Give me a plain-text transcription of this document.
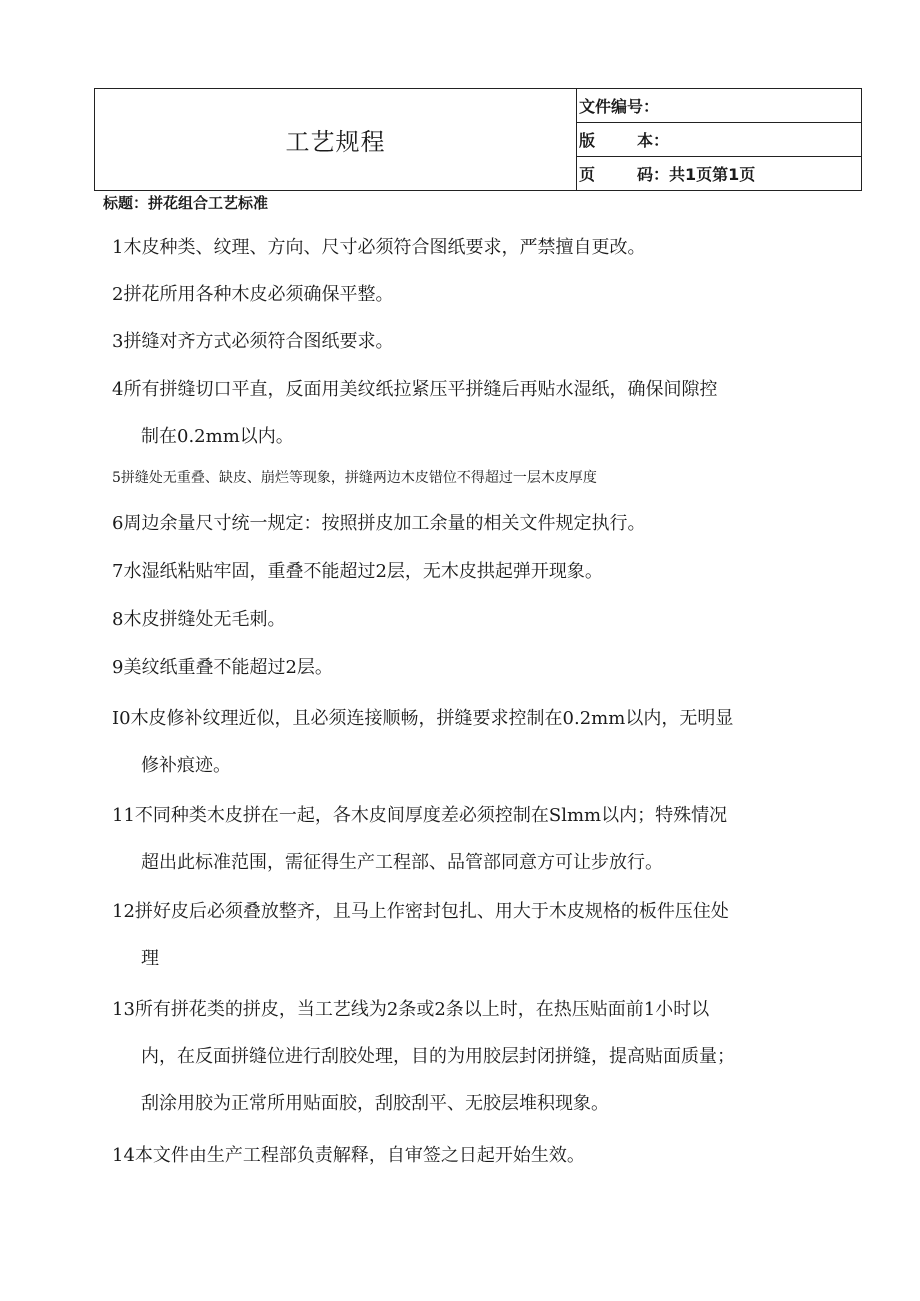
工艺规程	文件编号：
版	本：
页	码：共1页第1页
标题：拼花组合工艺标准
1木皮种类、纹理、方向、尺寸必须符合图纸要求，严禁擅自更改。
2拼花所用各种木皮必须确保平整。
3拼缝对齐方式必须符合图纸要求。
4所有拼缝切口平直，反面用美纹纸拉紧压平拼缝后再贴水湿纸，确保间隙控
制在0.2mm以内。
5拼缝处无重叠、缺皮、崩烂等现象，拼缝两边木皮错位不得超过一层木皮厚度
6周边余量尺寸统一规定：按照拼皮加工余量的相关文件规定执行。
7水湿纸粘贴牢固，重叠不能超过2层，无木皮拱起弹开现象。
8木皮拼缝处无毛刺。
9美纹纸重叠不能超过2层。
I0木皮修补纹理近似，且必须连接顺畅，拼缝要求控制在0.2mm以内，无明显
修补痕迹。
11不同种类木皮拼在一起，各木皮间厚度差必须控制在Slmm以内；特殊情况
超出此标准范围，需征得生产工程部、品管部同意方可让步放行。
12拼好皮后必须叠放整齐，且马上作密封包扎、用大于木皮规格的板件压住处
理
13所有拼花类的拼皮，当工艺线为2条或2条以上时，在热压贴面前1小时以
内，在反面拼缝位进行刮胶处理，目的为用胶层封闭拼缝，提高贴面质量；
刮涂用胶为正常所用贴面胶，刮胶刮平、无胶层堆积现象。
14本文件由生产工程部负责解释，自审签之日起开始生效。
